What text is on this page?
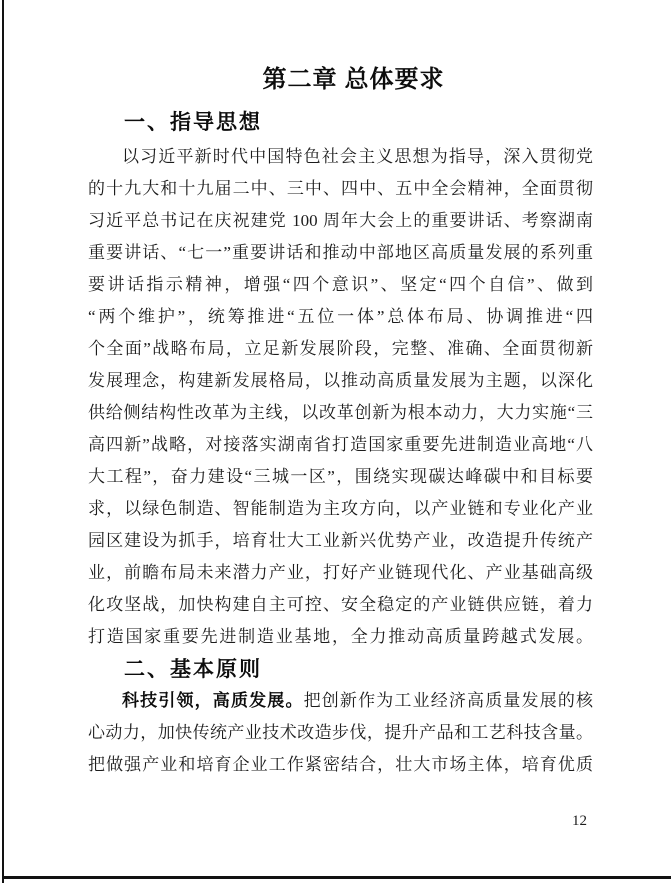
第二章 总体要求
一、指导思想
以习近平新时代中国特色社会主义思想为指导，深入贯彻党
的十九大和十九届二中、三中、四中、五中全会精神，全面贯彻
习近平总书记在庆祝建党 100 周年大会上的重要讲话、考察湖南
重要讲话、“七一”重要讲话和推动中部地区高质量发展的系列重
要讲话指示精神，增强“四个意识”、坚定“四个自信”、做到
“两个维护”，统筹推进“五位一体”总体布局、协调推进“四
个全面”战略布局，立足新发展阶段，完整、准确、全面贯彻新
发展理念，构建新发展格局，以推动高质量发展为主题，以深化
供给侧结构性改革为主线，以改革创新为根本动力，大力实施“三
高四新”战略，对接落实湖南省打造国家重要先进制造业高地“八
大工程”，奋力建设“三城一区”，围绕实现碳达峰碳中和目标要
求，以绿色制造、智能制造为主攻方向，以产业链和专业化产业
园区建设为抓手，培育壮大工业新兴优势产业，改造提升传统产
业，前瞻布局未来潜力产业，打好产业链现代化、产业基础高级
化攻坚战，加快构建自主可控、安全稳定的产业链供应链，着力
打造国家重要先进制造业基地，全力推动高质量跨越式发展。
二、基本原则
科技引领，高质发展。把创新作为工业经济高质量发展的核
心动力，加快传统产业技术改造步伐，提升产品和工艺科技含量。
把做强产业和培育企业工作紧密结合，壮大市场主体，培育优质
12
